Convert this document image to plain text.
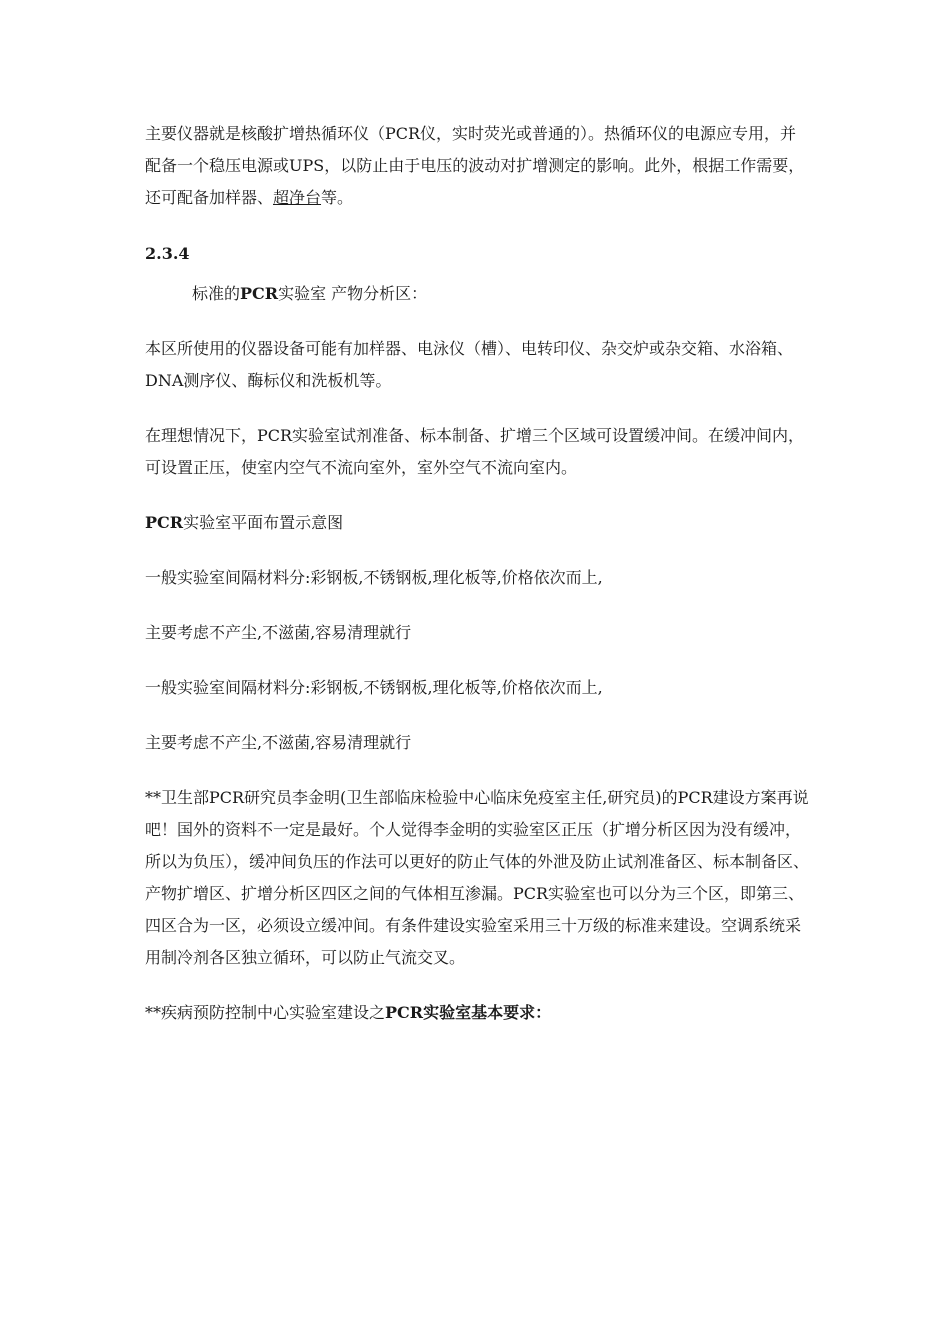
主要仪器就是核酸扩增热循环仪（PCR仪，实时荧光或普通的）。热循环仪的电源应专用，并配备一个稳压电源或UPS，以防止由于电压的波动对扩增测定的影响。此外，根据工作需要，还可配备加样器、超净台等。

2.3.4

标准的PCR实验室 产物分析区：

本区所使用的仪器设备可能有加样器、电泳仪（槽）、电转印仪、杂交炉或杂交箱、水浴箱、DNA测序仪、酶标仪和洗板机等。

在理想情况下，PCR实验室试剂准备、标本制备、扩增三个区域可设置缓冲间。在缓冲间内，可设置正压，使室内空气不流向室外，室外空气不流向室内。

PCR实验室平面布置示意图

一般实验室间隔材料分:彩钢板,不锈钢板,理化板等,价格依次而上,

主要考虑不产尘,不滋菌,容易清理就行

一般实验室间隔材料分:彩钢板,不锈钢板,理化板等,价格依次而上,

主要考虑不产尘,不滋菌,容易清理就行

**卫生部PCR研究员李金明(卫生部临床检验中心临床免疫室主任,研究员)的PCR建设方案再说吧！国外的资料不一定是最好。个人觉得李金明的实验室区正压（扩增分析区因为没有缓冲，所以为负压），缓冲间负压的作法可以更好的防止气体的外泄及防止试剂准备区、标本制备区、产物扩增区、扩增分析区四区之间的气体相互渗漏。PCR实验室也可以分为三个区，即第三、四区合为一区，必须设立缓冲间。有条件建设实验室采用三十万级的标准来建设。空调系统采用制冷剂各区独立循环，可以防止气流交叉。

**疾病预防控制中心实验室建设之PCR实验室基本要求：
